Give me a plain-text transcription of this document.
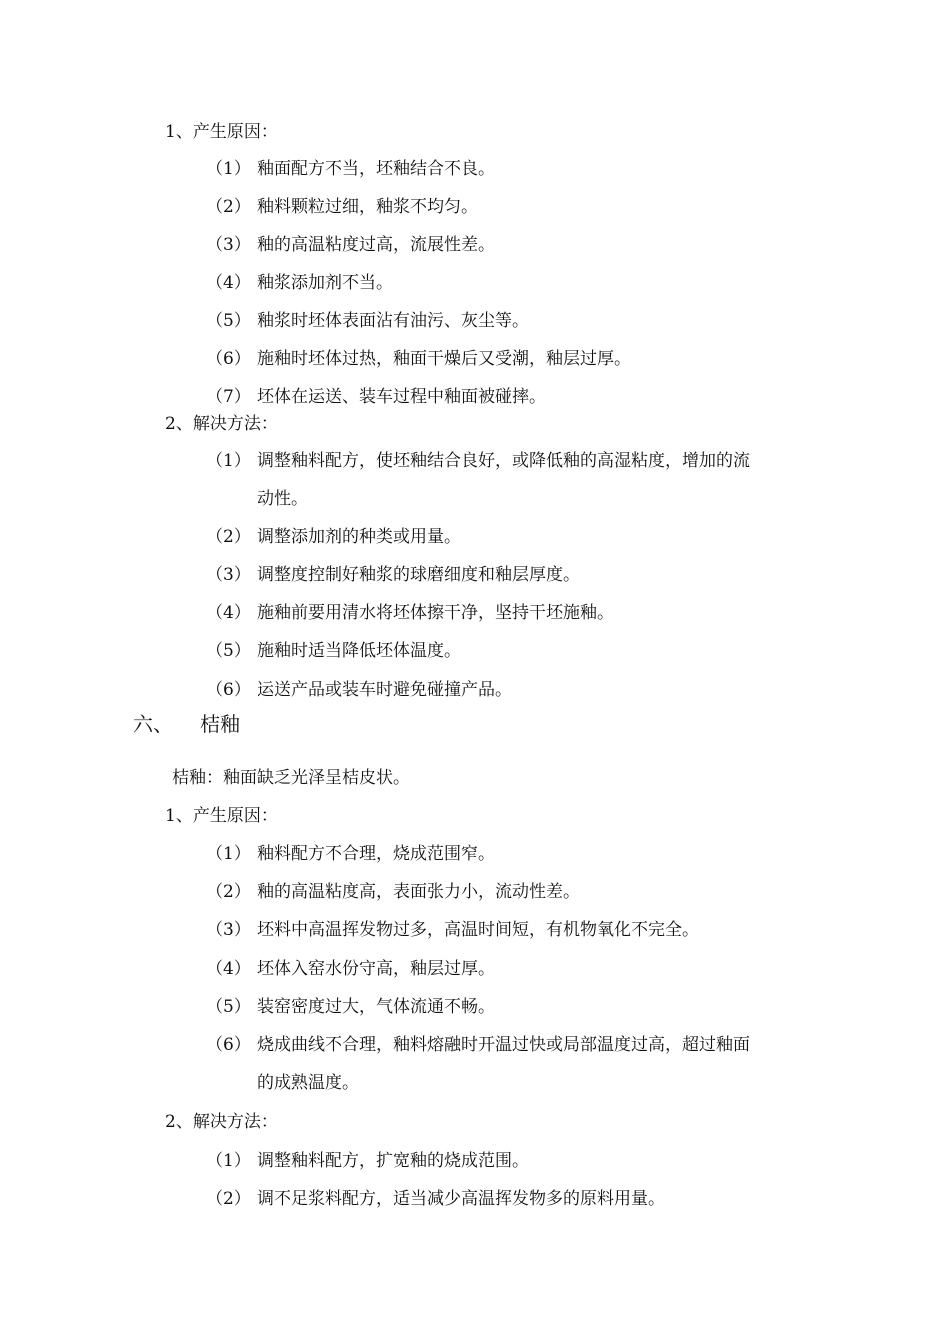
1、产生原因：
（1） 釉面配方不当，坯釉结合不良。
（2） 釉料颗粒过细，釉浆不均匀。
（3） 釉的高温粘度过高，流展性差。
（4） 釉浆添加剂不当。
（5） 釉浆时坯体表面沾有油污、灰尘等。
（6） 施釉时坯体过热，釉面干燥后又受潮，釉层过厚。
（7） 坯体在运送、装车过程中釉面被碰摔。
2、解决方法：
（1） 调整釉料配方，使坯釉结合良好，或降低釉的高湿粘度，增加的流
动性。
（2） 调整添加剂的种类或用量。
（3） 调整度控制好釉浆的球磨细度和釉层厚度。
（4） 施釉前要用清水将坯体擦干净，坚持干坯施釉。
（5） 施釉时适当降低坯体温度。
（6） 运送产品或装车时避免碰撞产品。
六、 桔釉
桔釉：釉面缺乏光泽呈桔皮状。
1、产生原因：
（1） 釉料配方不合理，烧成范围窄。
（2） 釉的高温粘度高，表面张力小，流动性差。
（3） 坯料中高温挥发物过多，高温时间短，有机物氧化不完全。
（4） 坯体入窑水份守高，釉层过厚。
（5） 装窑密度过大，气体流通不畅。
（6） 烧成曲线不合理，釉料熔融时开温过快或局部温度过高，超过釉面
的成熟温度。
2、解决方法：
（1） 调整釉料配方，扩宽釉的烧成范围。
（2） 调不足浆料配方，适当减少高温挥发物多的原料用量。
